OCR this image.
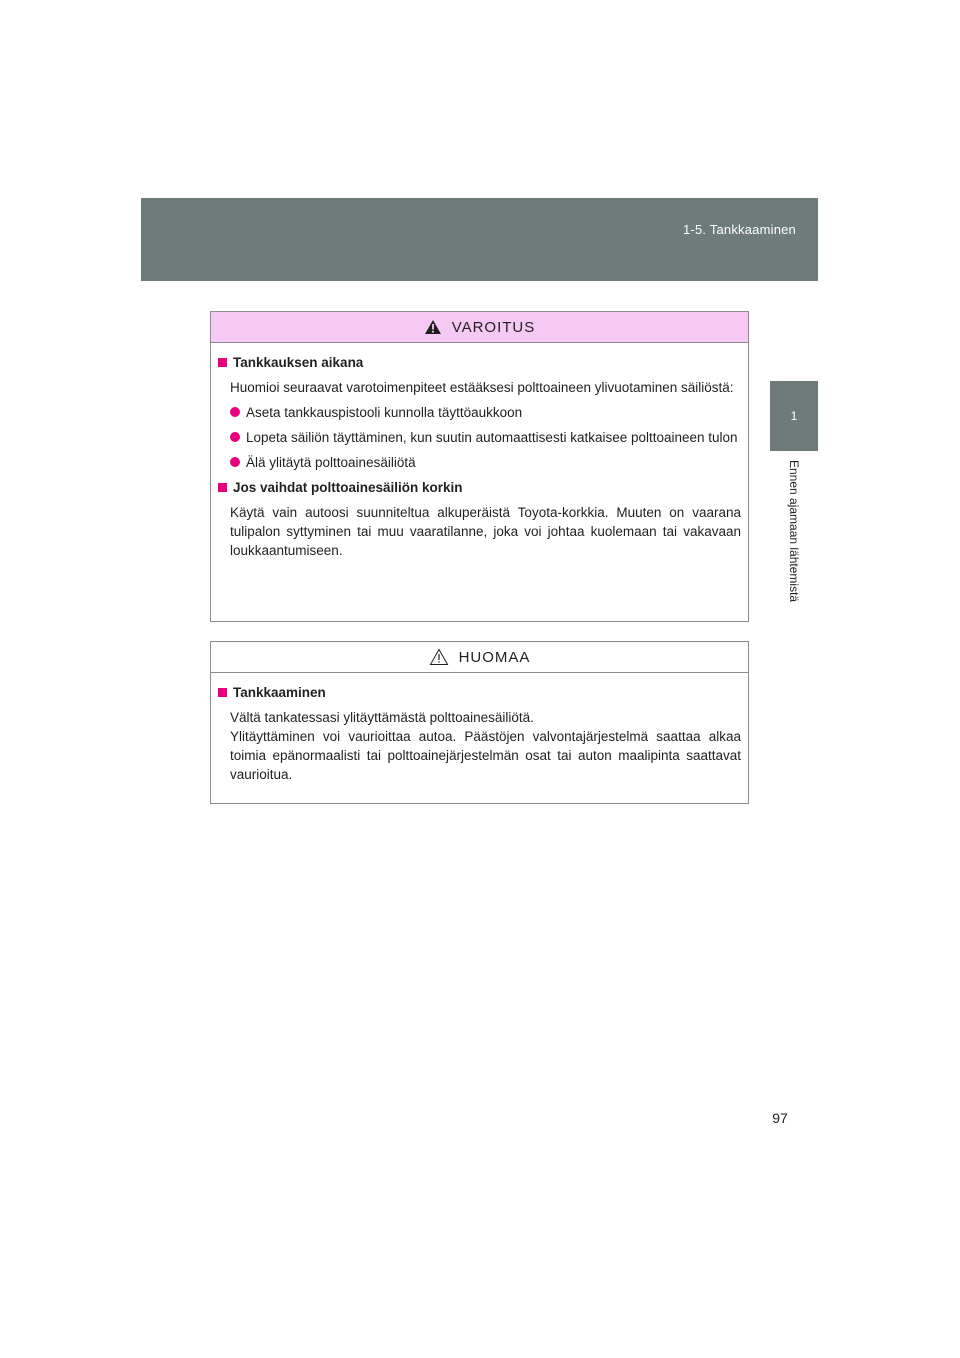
1-5. Tankkaaminen
1
Ennen ajamaan lähtemistä
VAROITUS
Tankkauksen aikana
Huomioi seuraavat varotoimenpiteet estääksesi polttoaineen ylivuotaminen säiliöstä:
Aseta tankkauspistooli kunnolla täyttöaukkoon
Lopeta säiliön täyttäminen, kun suutin automaattisesti katkaisee polttoaineen tulon
Älä ylitäytä polttoainesäiliötä
Jos vaihdat polttoainesäiliön korkin
Käytä vain autoosi suunniteltua alkuperäistä Toyota-korkkia. Muuten on vaarana tulipalon syttyminen tai muu vaaratilanne, joka voi johtaa kuolemaan tai vakavaan loukkaantumiseen.
HUOMAA
Tankkaaminen
Vältä tankatessasi ylitäyttämästä polttoainesäiliötä.
Ylitäyttäminen voi vaurioittaa autoa. Päästöjen valvontajärjestelmä saattaa alkaa toimia epänormaalisti tai polttoainejärjestelmän osat tai auton maalipinta saattavat vaurioitua.
97
